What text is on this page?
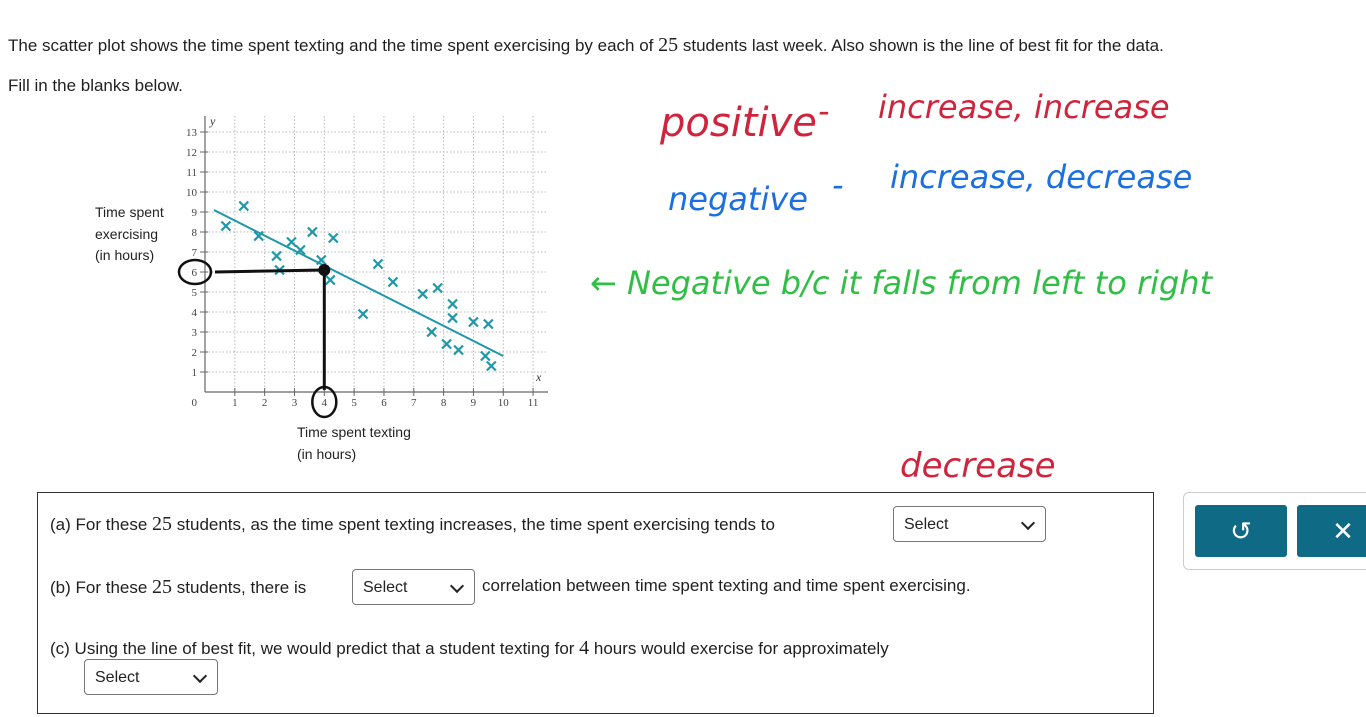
The scatter plot shows the time spent texting and the time spent exercising by each of 25 students last week. Also shown is the line of best fit for the data.
Fill in the blanks below.
Time spent
exercising
(in hours)
Time spent texting
(in hours)
1 2 3 4 5 6 7 8 9 10 11
1
2
3
4
5
6
7
8
9
10
11
12
13
0
x
y	positive - increase, increase
negative - increase, decrease
← Negative b/c it falls from left to right
decrease
(a) For these 25 students, as the time spent texting increases, the time spent exercising tends to	Select
(b) For these 25 students, there is	Select	correlation between time spent texting and time spent exercising.
(c) Using the line of best fit, we would predict that a student texting for 4 hours would exercise for approximately
Select
↺	✕
